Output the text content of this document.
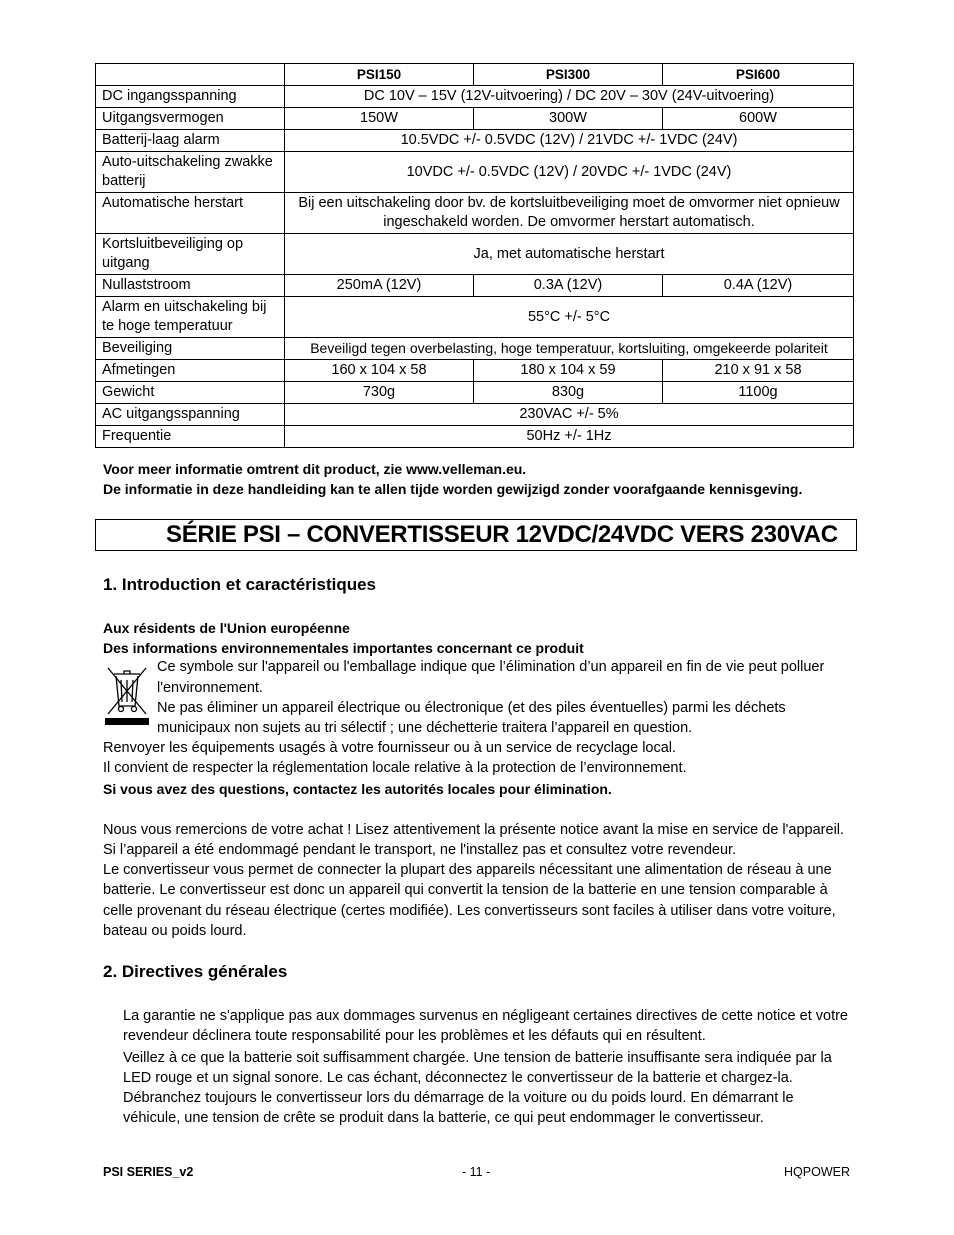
	PSI150	PSI300	PSI600
DC ingangsspanning	DC 10V – 15V (12V-uitvoering) / DC 20V – 30V (24V-uitvoering)		
Uitgangsvermogen	150W	300W	600W
Batterij-laag alarm	10.5VDC +/- 0.5VDC (12V) / 21VDC +/- 1VDC (24V)		
Auto-uitschakeling zwakke batterij	10VDC +/- 0.5VDC (12V) / 20VDC +/- 1VDC (24V)		
Automatische herstart	Bij een uitschakeling door bv. de kortsluitbeveiliging moet de omvormer niet opnieuw ingeschakeld worden. De omvormer herstart automatisch.		
Kortsluitbeveiliging op uitgang	Ja, met automatische herstart		
Nullaststroom	250mA (12V)	0.3A (12V)	0.4A (12V)
Alarm en uitschakeling bij te hoge temperatuur	55°C +/- 5°C		
Beveiliging	Beveiligd tegen overbelasting, hoge temperatuur, kortsluiting, omgekeerde polariteit		
Afmetingen	160 x 104 x 58	180 x 104 x 59	210 x 91 x 58
Gewicht	730g	830g	1100g
AC uitgangsspanning	230VAC +/- 5%		
Frequentie	50Hz +/- 1Hz		
Voor meer informatie omtrent dit product, zie www.velleman.eu.
De informatie in deze handleiding kan te allen tijde worden gewijzigd zonder voorafgaande kennisgeving.
SÉRIE PSI – CONVERTISSEUR 12VDC/24VDC VERS 230VAC
1. Introduction et caractéristiques
Aux résidents de l'Union européenne
Des informations environnementales importantes concernant ce produit
Ce symbole sur l'appareil ou l'emballage indique que l’élimination d’un appareil en fin de vie peut polluer
l'environnement.
Ne pas éliminer un appareil électrique ou électronique (et des piles éventuelles) parmi les déchets
municipaux non sujets au tri sélectif ; une déchetterie traitera l’appareil en question.
Renvoyer les équipements usagés à votre fournisseur ou à un service de recyclage local.
Il convient de respecter la réglementation locale relative à la protection de l’environnement.
Si vous avez des questions, contactez les autorités locales pour élimination.
Nous vous remercions de votre achat ! Lisez attentivement la présente notice avant la mise en service de l'appareil.
Si l’appareil a été endommagé pendant le transport, ne l'installez pas et consultez votre revendeur.
Le convertisseur vous permet de connecter la plupart des appareils nécessitant une alimentation de réseau à une
batterie. Le convertisseur est donc un appareil qui convertit la tension de la batterie en une tension comparable à
celle provenant du réseau électrique (certes modifiée). Les convertisseurs sont faciles à utiliser dans votre voiture,
bateau ou poids lourd.
2. Directives générales
La garantie ne s'applique pas aux dommages survenus en négligeant certaines directives de cette notice et votre
revendeur déclinera toute responsabilité pour les problèmes et les défauts qui en résultent.
Veillez à ce que la batterie soit suffisamment chargée. Une tension de batterie insuffisante sera indiquée par la
LED rouge et un signal sonore. Le cas échant, déconnectez le convertisseur de la batterie et chargez-la.
Débranchez toujours le convertisseur lors du démarrage de la voiture ou du poids lourd. En démarrant le
véhicule, une tension de crête se produit dans la batterie, ce qui peut endommager le convertisseur.
PSI SERIES_v2	- 11 -	HQPOWER
